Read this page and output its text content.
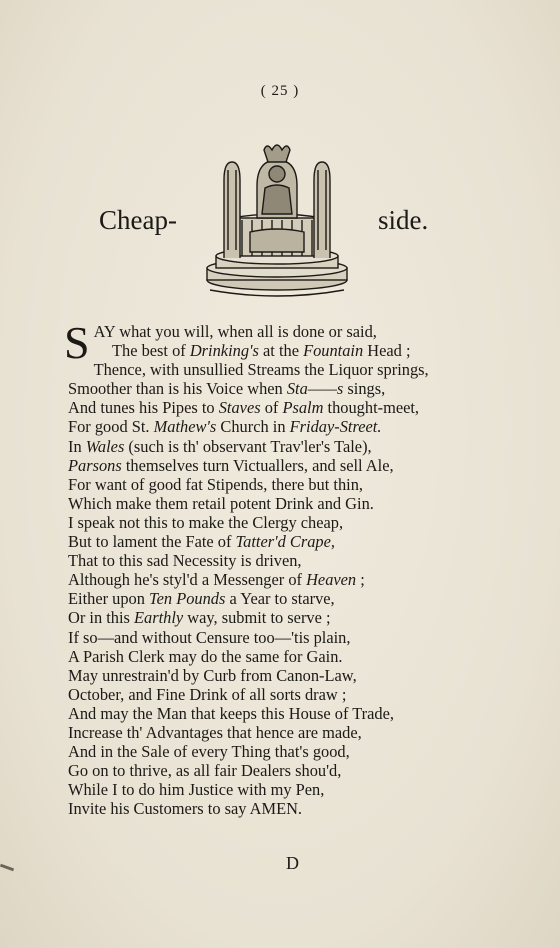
( 25 )
Cheap-	side.
SAY what you will, when all is done or said,
The best of Drinking's at the Fountain Head ;
Thence, with unsullied Streams the Liquor springs,
Smoother than is his Voice when Sta——s sings,
And tunes his Pipes to Staves of Psalm thought-meet,
For good St. Mathew's Church in Friday-Street.
In Wales (such is th' observant Trav'ler's Tale),
Parsons themselves turn Victuallers, and sell Ale,
For want of good fat Stipends, there but thin,
Which make them retail potent Drink and Gin.
I speak not this to make the Clergy cheap,
But to lament the Fate of Tatter'd Crape,
That to this sad Necessity is driven,
Although he's styl'd a Messenger of Heaven ;
Either upon Ten Pounds a Year to starve,
Or in this Earthly way, submit to serve ;
If so—and without Censure too—'tis plain,
A Parish Clerk may do the same for Gain.
May unrestrain'd by Curb from Canon-Law,
October, and Fine Drink of all sorts draw ;
And may the Man that keeps this House of Trade,
Increase th' Advantages that hence are made,
And in the Sale of every Thing that's good,
Go on to thrive, as all fair Dealers shou'd,
While I to do him Justice with my Pen,
Invite his Customers to say AMEN.
D
